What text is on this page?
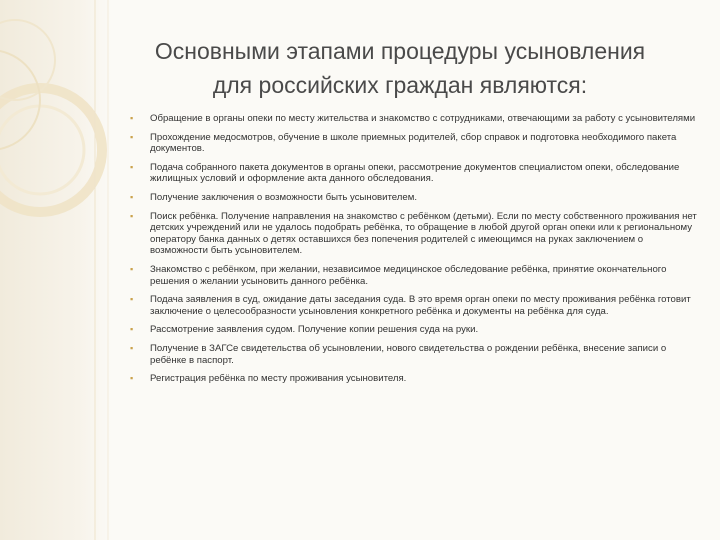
Основными этапами процедуры усыновления
для российских граждан являются:
▪ Обращение в органы опеки по месту жительства и знакомство с сотрудниками, отвечающими за работу с усыновителями
▪ Прохождение медосмотров, обучение в школе приемных родителей, сбор справок и подготовка необходимого пакета документов.
▪ Подача собранного пакета документов в органы опеки, рассмотрение документов специалистом опеки, обследование жилищных условий и оформление акта данного обследования.
▪ Получение заключения о возможности быть усыновителем.
▪ Поиск ребёнка. Получение направления на знакомство с ребёнком (детьми). Если по месту собственного проживания нет детских учреждений или не удалось подобрать ребёнка, то обращение в любой другой орган опеки или к региональному оператору банка данных о детях оставшихся без попечения родителей с имеющимся на руках заключением о возможности быть усыновителем.
▪ Знакомство с ребёнком, при желании, независимое медицинское обследование ребёнка, принятие окончательного решения о желании усыновить данного ребёнка.
▪ Подача заявления в суд, ожидание даты заседания суда. В это время орган опеки по месту проживания ребёнка готовит заключение о целесообразности усыновления конкретного ребёнка и документы на ребёнка для суда.
▪ Рассмотрение заявления судом. Получение копии решения суда на руки.
▪ Получение в ЗАГСе свидетельства об усыновлении, нового свидетельства о рождении ребёнка, внесение записи о ребёнке в паспорт.
▪ Регистрация ребёнка по месту проживания усыновителя.
